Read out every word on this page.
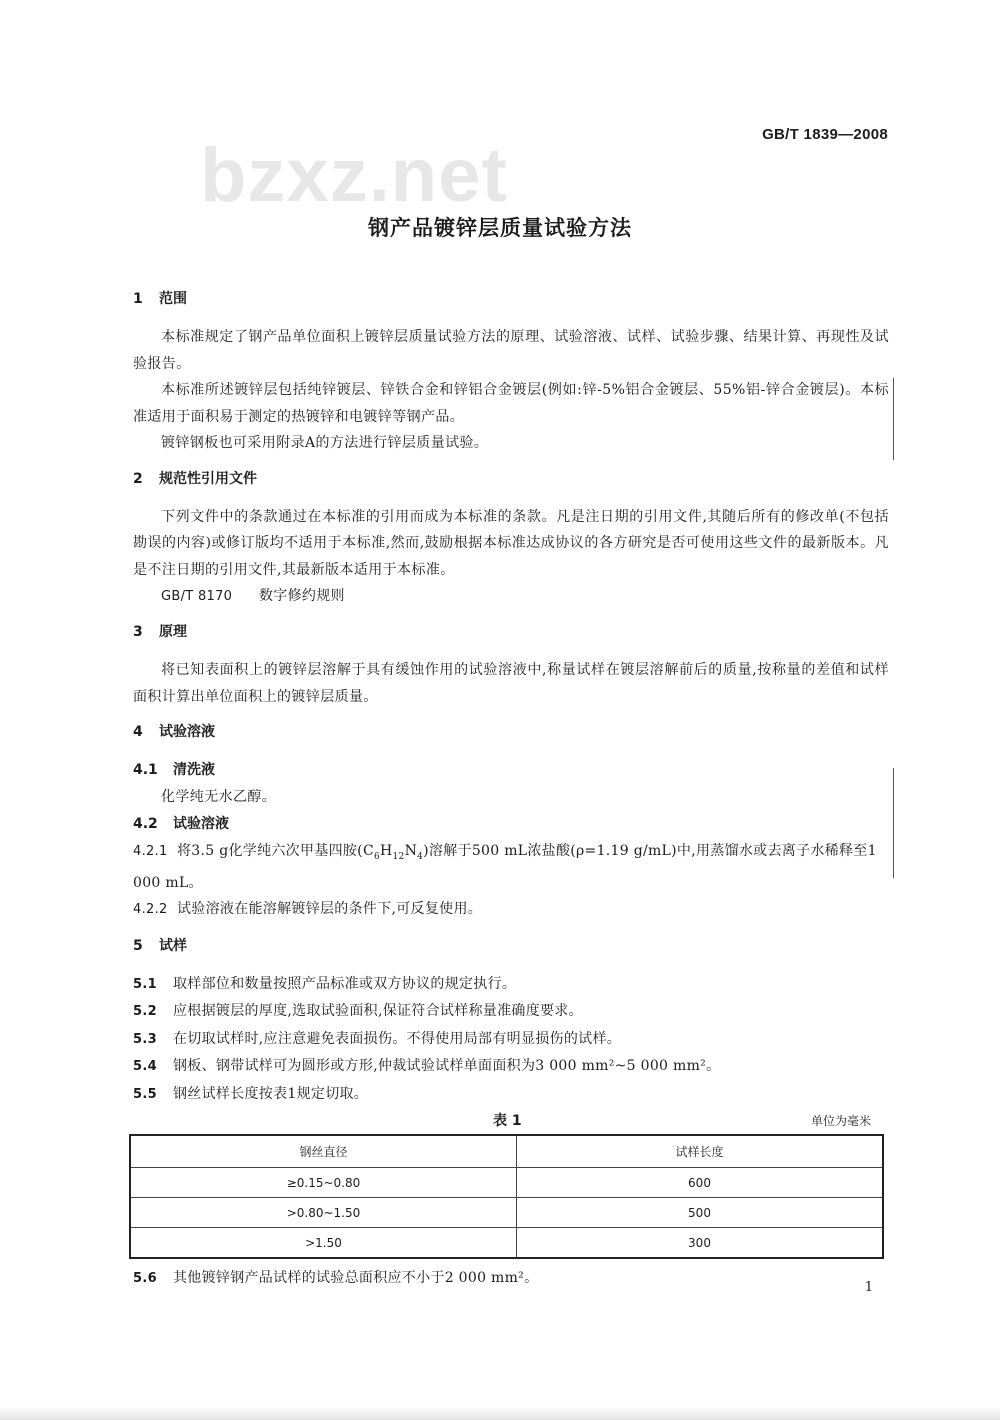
bzxz.net	GB/T 1839—2008
钢产品镀锌层质量试验方法
1 范围

本标准规定了钢产品单位面积上镀锌层质量试验方法的原理、试验溶液、试样、试验步骤、结果计算、再现性及试验报告。

本标准所述镀锌层包括纯锌镀层、锌铁合金和锌铝合金镀层(例如:锌-5%铝合金镀层、55%铝-锌合金镀层)。本标准适用于面积易于测定的热镀锌和电镀锌等钢产品。

镀锌钢板也可采用附录A的方法进行锌层质量试验。

2 规范性引用文件

下列文件中的条款通过在本标准的引用而成为本标准的条款。凡是注日期的引用文件,其随后所有的修改单(不包括勘误的内容)或修订版均不适用于本标准,然而,鼓励根据本标准达成协议的各方研究是否可使用这些文件的最新版本。凡是不注日期的引用文件,其最新版本适用于本标准。

GB/T 8170 数字修约规则
3 原理

将已知表面积上的镀锌层溶解于具有缓蚀作用的试验溶液中,称量试样在镀层溶解前后的质量,按称量的差值和试样面积计算出单位面积上的镀锌层质量。

4 试验溶液
4.1 清洗液

化学纯无水乙醇。

4.2 试验溶液
4.2.1 将3.5 g化学纯六次甲基四胺$(C_6H_{12}N_4)$溶解于500 mL浓盐酸(ρ=1.19 g/mL)中,用蒸馏水或去离子水稀释至1 000 mL。
4.2.2 试验溶液在能溶解镀锌层的条件下,可反复使用。
5 试样
5.1 取样部位和数量按照产品标准或双方协议的规定执行。
5.2 应根据镀层的厚度,选取试验面积,保证符合试样称量准确度要求。
5.3 在切取试样时,应注意避免表面损伤。不得使用局部有明显损伤的试样。
5.4 钢板、钢带试样可为圆形或方形,仲裁试验试样单面面积为3 000 mm²~5 000 mm²。
5.5 钢丝试样长度按表1规定切取。
表 1	单位为毫米
钢丝直径	试样长度
≥0.15~0.80	600
>0.80~1.50	500
>1.50	300
5.6 其他镀锌钢产品试样的试验总面积应不小于2 000 mm²。
1
